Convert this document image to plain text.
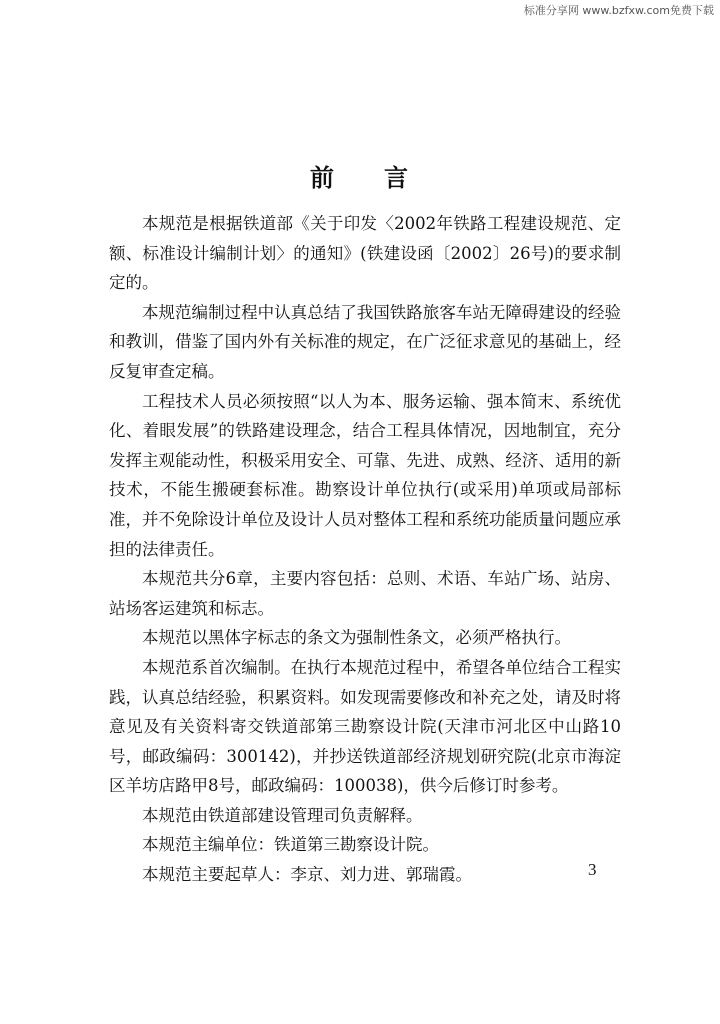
标准分享网 www.bzfxw.com免费下载
前 言

本规范是根据铁道部《关于印发〈2002年铁路工程建设规范、定额、标准设计编制计划〉的通知》(铁建设函〔2002〕26号)的要求制定的。

本规范编制过程中认真总结了我国铁路旅客车站无障碍建设的经验和教训，借鉴了国内外有关标准的规定，在广泛征求意见的基础上，经反复审查定稿。

工程技术人员必须按照“以人为本、服务运输、强本简末、系统优化、着眼发展”的铁路建设理念，结合工程具体情况，因地制宜，充分发挥主观能动性，积极采用安全、可靠、先进、成熟、经济、适用的新技术，不能生搬硬套标准。勘察设计单位执行(或采用)单项或局部标准，并不免除设计单位及设计人员对整体工程和系统功能质量问题应承担的法律责任。

本规范共分6章，主要内容包括：总则、术语、车站广场、站房、站场客运建筑和标志。

本规范以黑体字标志的条文为强制性条文，必须严格执行。

本规范系首次编制。在执行本规范过程中，希望各单位结合工程实践，认真总结经验，积累资料。如发现需要修改和补充之处，请及时将意见及有关资料寄交铁道部第三勘察设计院(天津市河北区中山路10号，邮政编码：300142)，并抄送铁道部经济规划研究院(北京市海淀区羊坊店路甲8号，邮政编码：100038)，供今后修订时参考。

本规范由铁道部建设管理司负责解释。

本规范主编单位：铁道第三勘察设计院。

本规范主要起草人：李京、刘力进、郭瑞霞。	3
